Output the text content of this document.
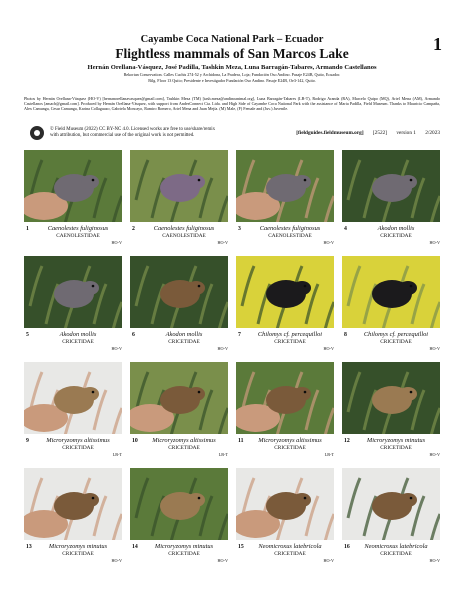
Cayambe Coca National Park – Ecuador
Flightless mammals of San Marcos Lake
Hernán Orellana-Vásquez, José Padilla, Tashkin Meza, Luna Barragán-Tabares, Armando Castellanos
Rekortan Conservation. Calles Cuchis 274-52 y Archidona, La Pradera, Loja; Fundación Oso Andino. Pasaje E24B, Quito, Ecuador.
Bilg. Floor 13 Quito; Presidente e Investigador Fundación Oso Andino. Pasaje E24B, Oe3-142, Quito.
1
Photos by Hernán Orellana-Vásquez (HO-V) [hernanorellanavasquez@gmail.com], Tashkin Meza (TM) [tash.meza@andinoanimal.org], Luna Barragán-Tabares (LB-T), Rodrigo Aranda (RA), Marcelo Quipo (MQ), Ariel Mena (AM), Armando Castellanos [amacb@gmail.com]. Produced by Hernán Orellana-Vásquez, with support from AndesConnect Cia. Ltda. and High Side of Cayambe Coca National Park with the assistance of Maria Padilla, Field Museum. Thanks to Mauricio Campaña, Alex Camunga, Cesar Camunga, Karina Collaguazo, Gabriela Moncayo, Ramiro Romero, Ariel Mena and Juan Mejía. (M) Male, (F) Female and (Juv.) Juvenile.
© Field Museum (2022) CC BY-NC 4.0. Licensed works are free to use/share/remix
with attribution, but commercial use of the original work is not permitted.	[fieldguides.fieldmuseum.org] [2522] version 1 2/2023
1	Caenolestes fuliginosus
CAENOLESTIDAE
HO-V
2	Caenolestes fuliginosus
CAENOLESTIDAE
HO-V
3	Caenolestes fuliginosus
CAENOLESTIDAE
HO-V
4	Akodon mollis
CRICETIDAE
HO-V
5	Akodon mollis
CRICETIDAE
HO-V
6	Akodon mollis
CRICETIDAE
HO-V
7	Chilomys cf. percequilloi
CRICETIDAE
HO-V
8	Chilomys cf. percequilloi
CRICETIDAE
HO-V
9	Microryzomys altissimus
CRICETIDAE
LB-T
10	Microryzomys altissimus
CRICETIDAE
LB-T
11	Microryzomys altissimus
CRICETIDAE
LB-T
12	Microryzomys minutus
CRICETIDAE
HO-V
13	Microryzomys minutus
CRICETIDAE
HO-V
14	Microryzomys minutus
CRICETIDAE
HO-V
15	Neomicroxus latebricola
CRICETIDAE
HO-V
16	Neomicroxus latebricola
CRICETIDAE
HO-V
